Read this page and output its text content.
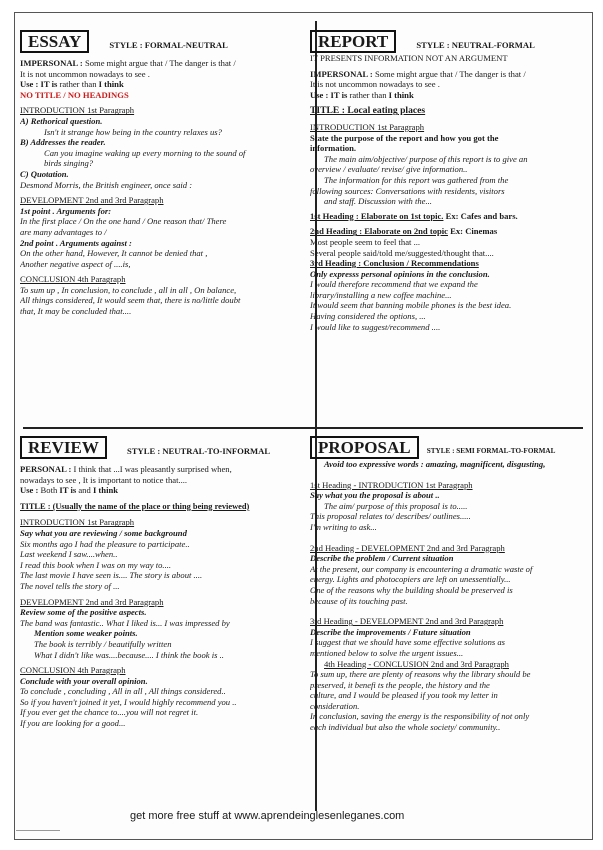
ESSAY	STYLE : FORMAL-NEUTRAL
IMPERSONAL : Some might argue that / The danger is that /
It is not uncommon nowadays to see .
Use : IT is rather than I think
NO TITLE / NO HEADINGS
INTRODUCTION 1st Paragraph
A) Rethorical question.
Isn't it strange how being in the country relaxes us?
B) Addresses the reader.
Can you imagine waking up every morning to the sound of
birds singing?
C) Quotation.
Desmond Morris, the British engineer, once said :
DEVELOPMENT 2nd and 3rd Paragraph
1st point . Arguments for:
In the first place / On the one hand / One reason that/ There
are many advantages to /
2nd point . Arguments against :
On the other hand, However, It cannot be denied that ,
Another negative aspect of ....is,
CONCLUSION 4th Paragraph
To sum up , In conclusion, to conclude , all in all , On balance,
All things considered, It would seem that, there is no/little doubt
that, It may be concluded that....
REPORT	STYLE : NEUTRAL-FORMAL
IT PRESENTS INFORMATION NOT AN ARGUMENT
IMPERSONAL : Some might argue that / The danger is that /
It is not uncommon nowadays to see .
Use : IT is rather than I think
TITLE : Local eating places
INTRODUCTION 1st Paragraph
State the purpose of the report and how you got the
information.
The main aim/objective/ purpose of this report is to give an
overview / evaluate/ revise/ give information..
The information for this report was gathered from the
following sources: Conversations with residents, visitors
and staff. Discussion with the...
1st Heading : Elaborate on 1st topic. Ex: Cafes and bars.
2nd Heading : Elaborate on 2nd topic Ex: Cinemas
Most people seem to feel that ...
Several people said/told me/suggested/thought that....
3rd Heading : Conclusion / Recommendations
Only expresss personal opinions in the conclusion.
I would therefore recommend that we expand the
library/installing a new coffee machine...
It would seem that banning mobile phones is the best idea.
Having considered the options, ...
I would like to suggest/recommend ....
REVIEW	STYLE : NEUTRAL-TO-INFORMAL
PERSONAL : I think that ...I was pleasantly surprised when,
nowadays to see , It is important to notice that....
Use : Both IT is and I think
TITLE : (Usually the name of the place or thing being reviewed)
INTRODUCTION 1st Paragraph
Say what you are reviewing / some background
Six months ago I had the pleasure to participate..
Last weekend I saw....when..
I read this book when I was on my way to....
The last movie I have seen is.... The story is about ....
The novel tells the story of ...
DEVELOPMENT 2nd and 3rd Paragraph
Review some of the positive aspects.
The band was fantastic.. What I liked is... I was impressed by
Mention some weaker points.
The book is terribly / beautifully written
What I didn't like was....because.... I think the book is ..
CONCLUSION 4th Paragraph
Conclude with your overall opinion.
To conclude , concluding , All in all , All things considered..
So if you haven't joined it yet, I would highly recommend you ..
If you ever get the chance to....you will not regret it.
If you are looking for a good...
PROPOSAL STYLE : SEMI FORMAL-TO-FORMAL
Avoid too expressive words : amazing, magnificent, disgusting,
1st Heading - INTRODUCTION 1st Paragraph
Say what you the proposal is about ..
The aim/ purpose of this proposal is to.....
This proposal relates to/ describes/ outlines.....
I'm writing to ask...
2nd Heading - DEVELOPMENT 2nd and 3rd Paragraph
Describe the problem / Current situation
At the present, our company is encountering a dramatic waste of
energy. Lights and photocopiers are left on unessentially...
One of the reasons why the building should be preserved is
because of its touching past.
3rd Heading - DEVELOPMENT 2nd and 3rd Paragraph
Describe the improvements / Future situation
I suggest that we should have some effective solutions as
mentioned below to solve the urgent issues...
4th Heading - CONCLUSION 2nd and 3rd Paragraph
To sum up, there are plenty of reasons why the library should be
preserved, it benefi ts the people, the history and the
culture, and I would be pleased if you took my letter in
consideration.
In conclusion, saving the energy is the responsibility of not only
each individual but also the whole society/ community..
get more free stuff at www.aprendeinglesenleganes.com
